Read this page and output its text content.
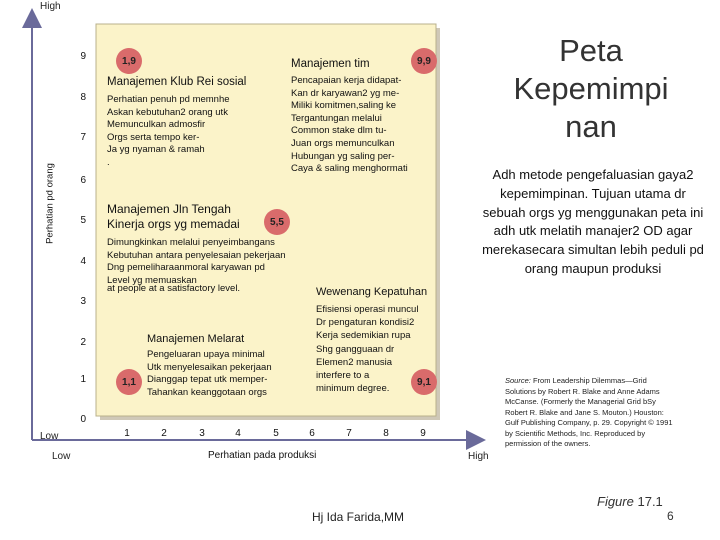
High
Low
Low	High
Perhatian pd orang
9
8
7
6
5
4
3
2
1
0
1	2	3	4	5	6	7	8	9
Perhatian pada produksi
1,9	9,9
5,5
1,1	9,1
Manajemen Klub Rei sosial
Perhatian penuh pd memnhe
Askan kebutuhan2 orang utk
Memunculkan admosfir
Orgs serta tempo ker-
Ja yg nyaman & ramah
.
Manajemen tim
Pencapaian kerja didapat-
Kan dr karyawan2 yg me-
Miliki komitmen,saling ke
Tergantungan melalui
Common stake dlm tu-
Juan orgs memunculkan
Hubungan yg saling per-
Caya & saling menghormati
Manajemen Jln Tengah
Kinerja orgs yg memadai
Dimungkinkan melalui penyeimbangans
Kebutuhan antara penyelesaian pekerjaan
Dng pemeliharaanmoral karyawan pd
Level yg memuaskan
at people at a satisfactory level.
Manajemen Melarat
Pengeluaran upaya minimal
Utk menyelesaikan pekerjaan
Dianggap tepat utk memper-
Tahankan keanggotaan orgs
Wewenang Kepatuhan
Efisiensi operasi muncul
Dr pengaturan kondisi2
Kerja sedemikian rupa
Shg gangguaan dr
Elemen2 manusia
interfere to a
minimum degree.
Peta
Kepemimpi
nan
Adh metode pengefaluasian gaya2 kepemimpinan. Tujuan utama dr sebuah orgs yg menggunakan peta ini adh utk melatih manajer2 OD agar merekasecara simultan lebih peduli pd orang maupun produksi
Source: From Leadership Dilemmas—Grid Solutions by Robert R. Blake and Anne Adams McCanse. (Formerly the Managerial Grid bSy Robert R. Blake and Jane S. Mouton.) Houston: Gulf Publishing Company, p. 29. Copyright © 1991 by Scientific Methods, Inc. Reproduced by permission of the owners.
Hj Ida Farida,MM
Figure 17.1
6
